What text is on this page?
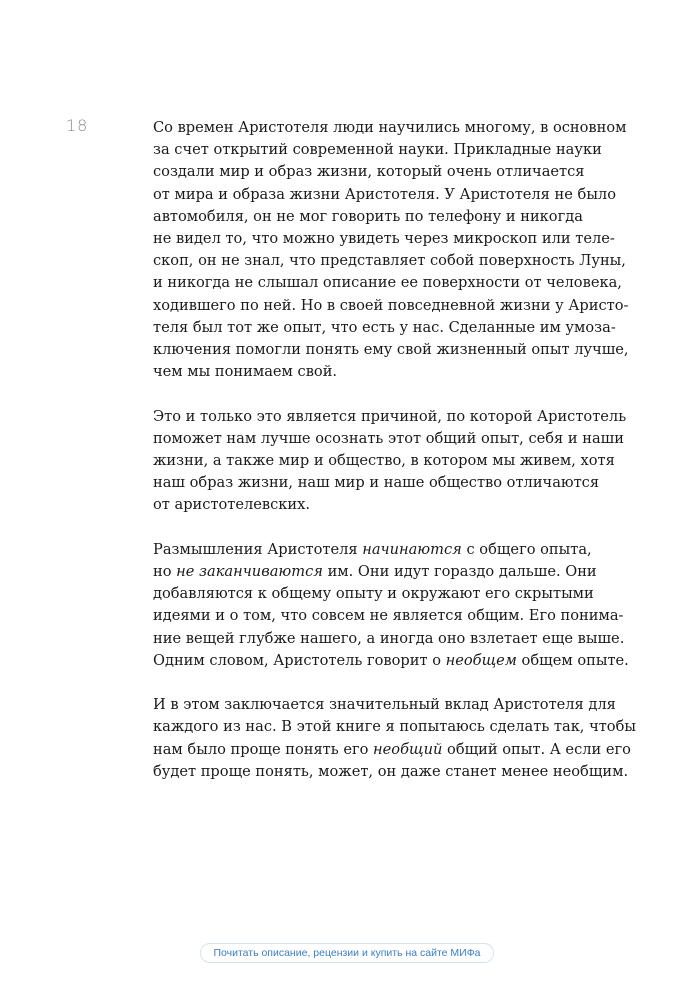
18	Со времен Аристотеля люди научились многому, в основном
за счет открытий современной науки. Прикладные науки
создали мир и образ жизни, который очень отличается
от мира и образа жизни Аристотеля. У Аристотеля не было
автомобиля, он не мог говорить по телефону и никогда
не видел то, что можно увидеть через микроскоп или теле-
скоп, он не знал, что представляет собой поверхность Луны,
и никогда не слышал описание ее поверхности от человека,
ходившего по ней. Но в своей повседневной жизни у Аристо-
теля был тот же опыт, что есть у нас. Сделанные им умоза-
ключения помогли понять ему свой жизненный опыт лучше,
чем мы понимаем свой.
Это и только это является причиной, по которой Аристотель
поможет нам лучше осознать этот общий опыт, себя и наши
жизни, а также мир и общество, в котором мы живем, хотя
наш образ жизни, наш мир и наше общество отличаются
от аристотелевских.
Размышления Аристотеля начинаются с общего опыта,
но не заканчиваются им. Они идут гораздо дальше. Они
добавляются к общему опыту и окружают его скрытыми
идеями и о том, что совсем не является общим. Его понима-
ние вещей глубже нашего, а иногда оно взлетает еще выше.
Одним словом, Аристотель говорит о необщем общем опыте.
И в этом заключается значительный вклад Аристотеля для
каждого из нас. В этой книге я попытаюсь сделать так, чтобы
нам было проще понять его необщий общий опыт. А если его
будет проще понять, может, он даже станет менее необщим.
Почитать описание, рецензии и купить на сайте МИФа
